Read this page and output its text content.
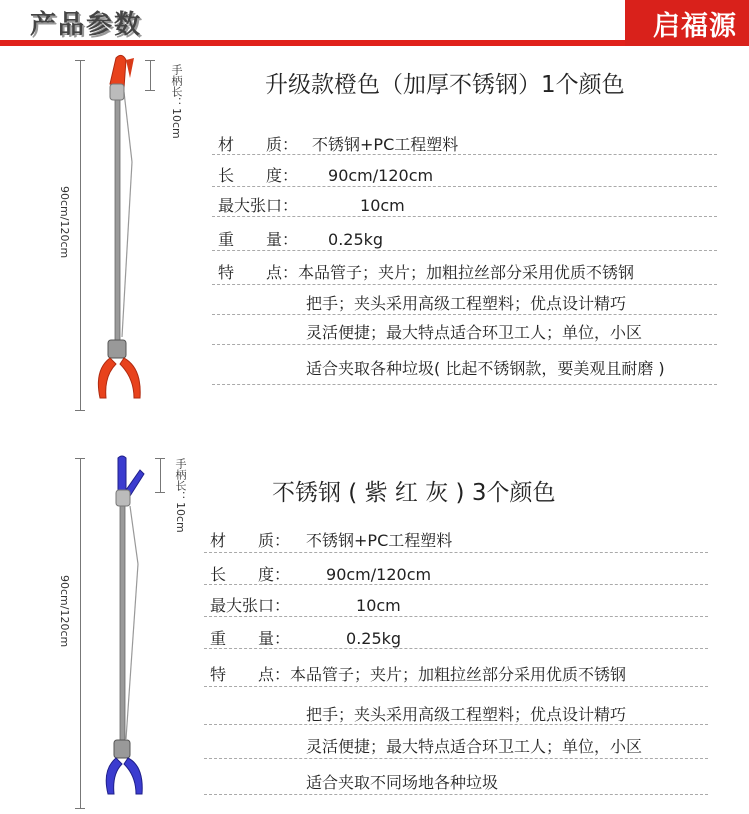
产品参数	启福源
90cm/120cm
手柄长：10cm	升级款橙色（加厚不锈钢）1个颜色
材　　质： 不锈钢+PC工程塑料
长　　度： 90cm/120cm
最大张口：	10cm
重　　量： 0.25kg
特　　点：本品管子；夹片；加粗拉丝部分采用优质不锈钢
把手；夹头采用高级工程塑料；优点设计精巧
灵活便捷；最大特点适合环卫工人；单位，小区
适合夹取各种垃圾( 比起不锈钢款，要美观且耐磨 )
90cm/120cm
手柄长：10cm	不锈钢 ( 紫 红 灰 ) 3个颜色
材　　质： 不锈钢+PC工程塑料
长　　度： 90cm/120cm
最大张口：	10cm
重　　量：	0.25kg
特　　点：本品管子；夹片；加粗拉丝部分采用优质不锈钢
把手；夹头采用高级工程塑料；优点设计精巧
灵活便捷；最大特点适合环卫工人；单位，小区
适合夹取不同场地各种垃圾
